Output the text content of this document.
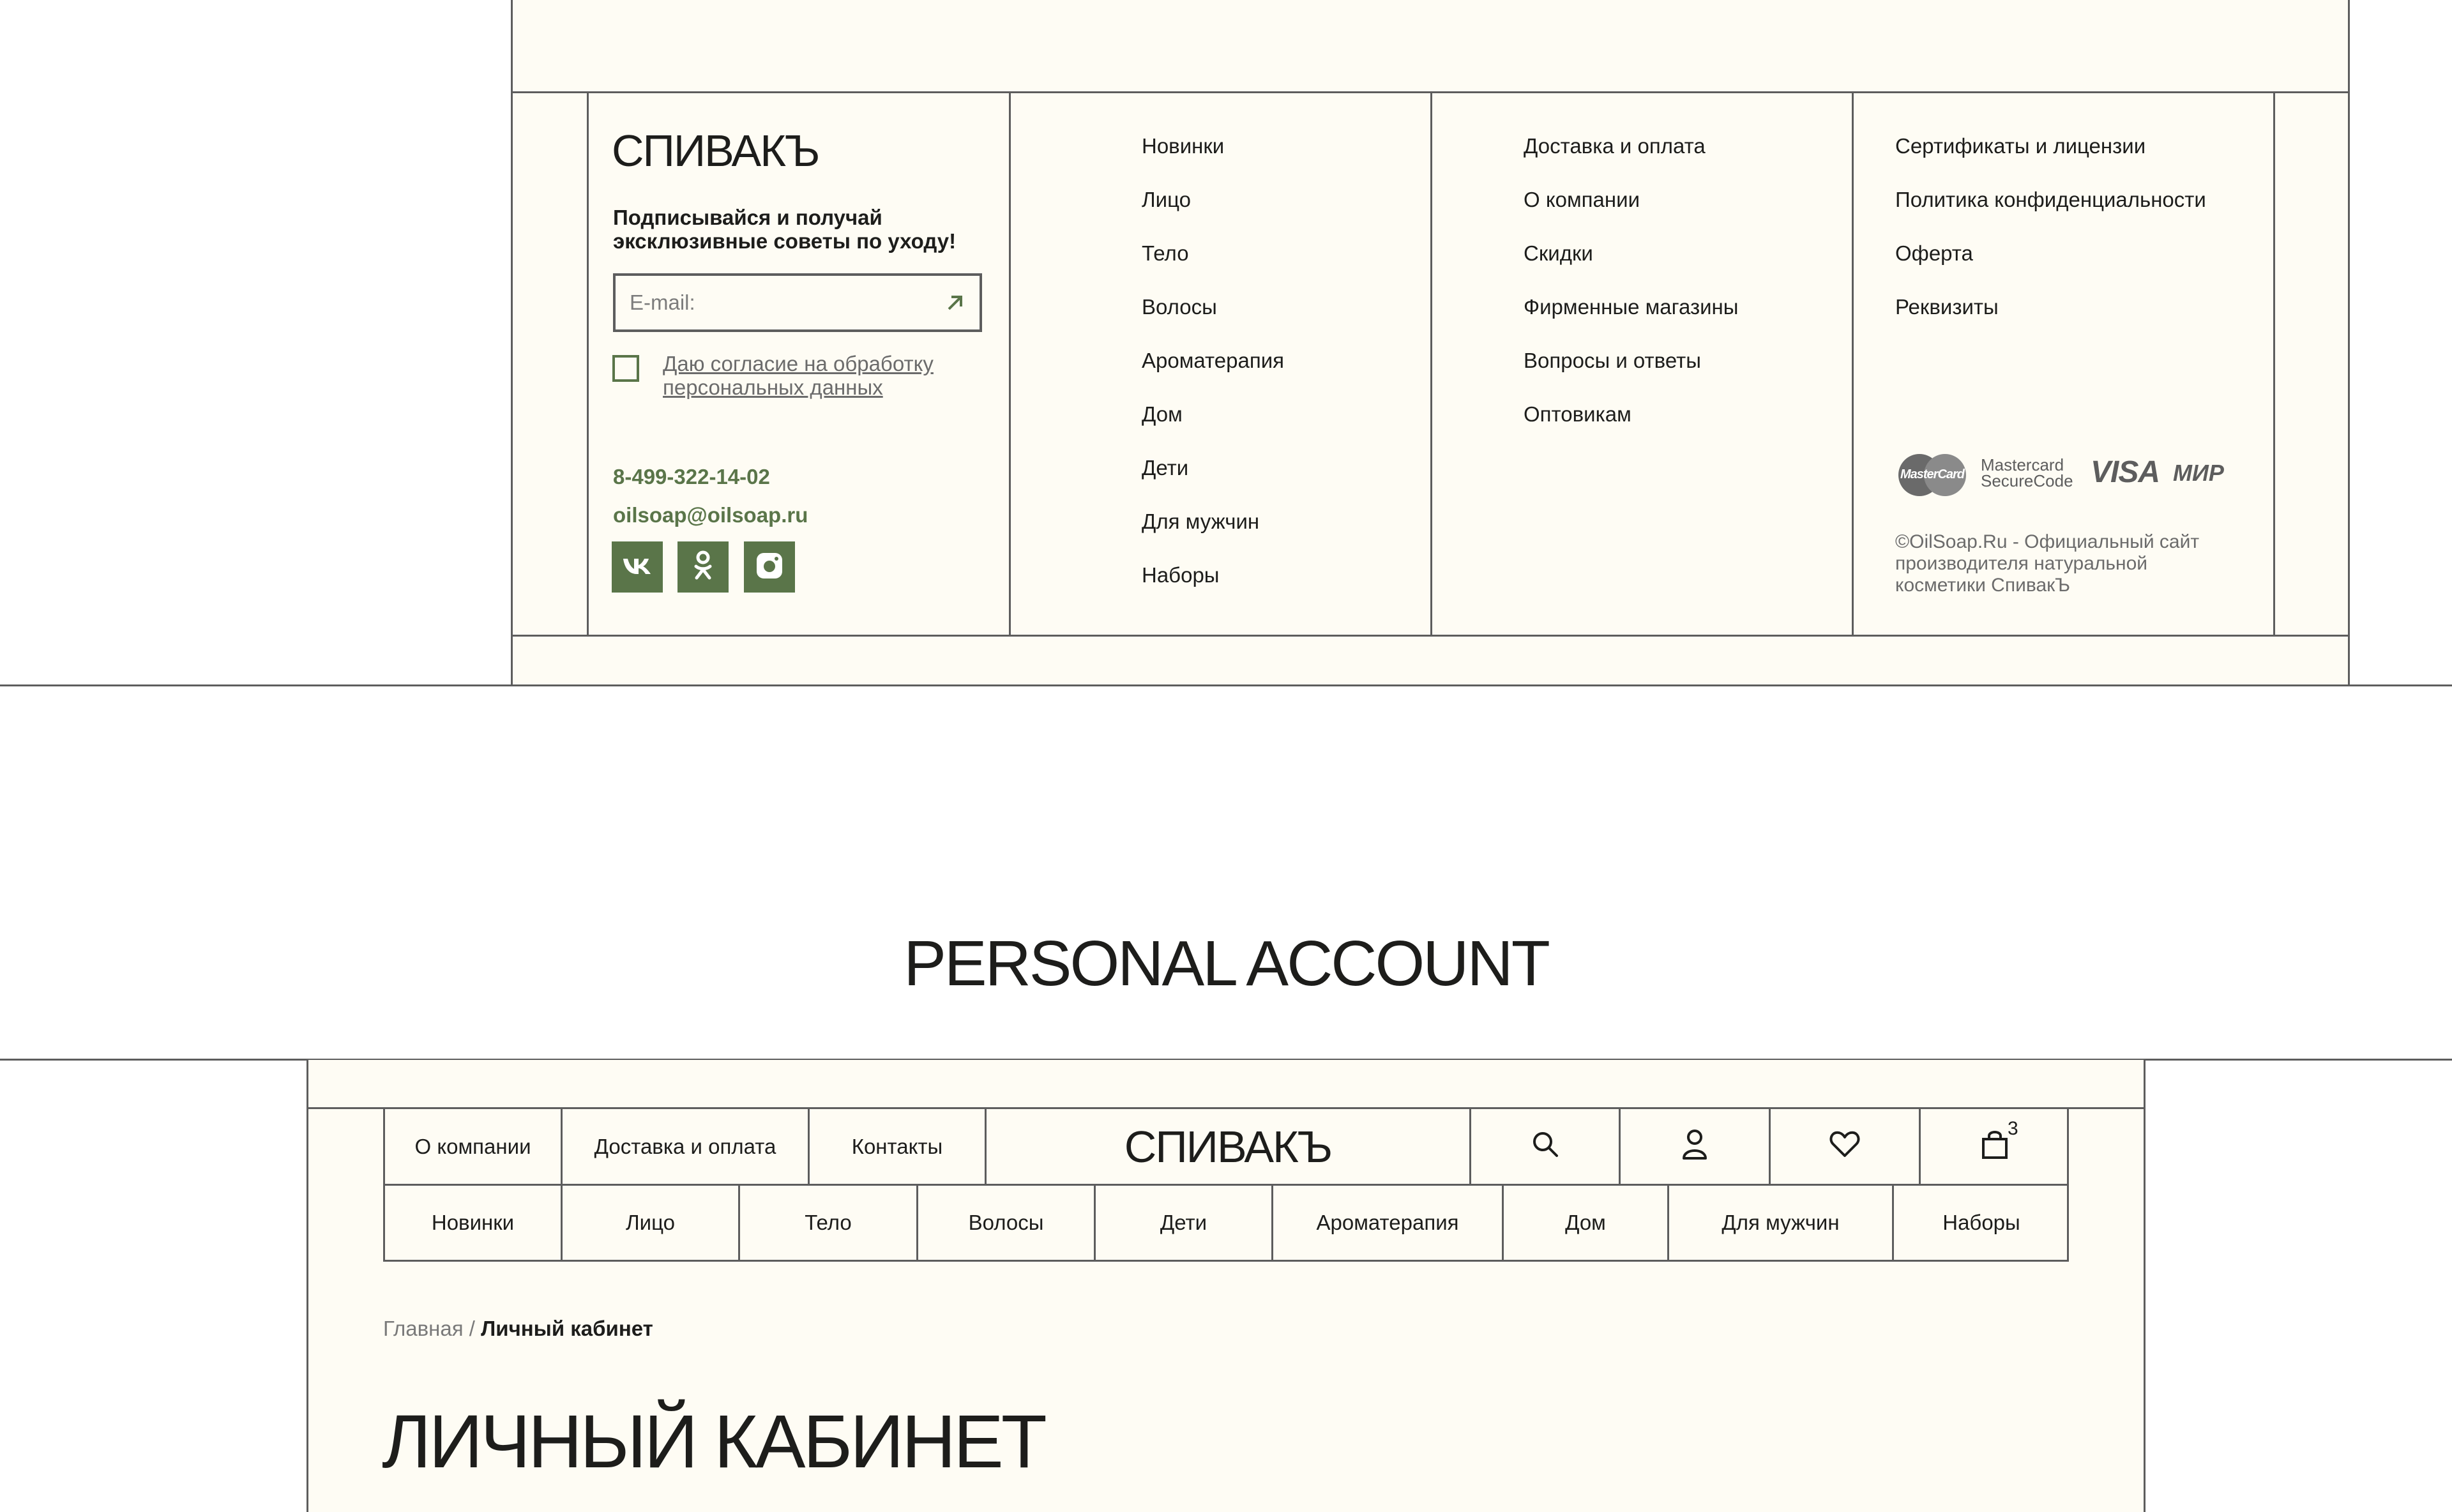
СПИВАКЪ
Подписывайся и получай эксклюзивные советы по уходу!
E-mail:
Даю согласие на обработку персональных данных
8-499-322-14-02
oilsoap@oilsoap.ru
Новинки
Лицо
Тело
Волосы
Ароматерапия
Дом
Дети
Для мужчин
Наборы
Доставка и оплата
О компании
Скидки
Фирменные магазины
Вопросы и ответы
Оптовикам
Сертификаты и лицензии
Политика конфиденциальности
Оферта
Реквизиты
MasterCard Mastercard
SecureCode VISA МИР
©OilSoap.Ru - Официальный сайт производителя натуральной косметики СпивакЪ
PERSONAL ACCOUNT
О компании	Доставка и оплата	Контакты	СПИВАКЪ	3
Новинки	Лицо	Тело	Волосы	Дети	Ароматерапия	Дом	Для мужчин	Наборы
Главная / Личный кабинет
ЛИЧНЫЙ КАБИНЕТ
